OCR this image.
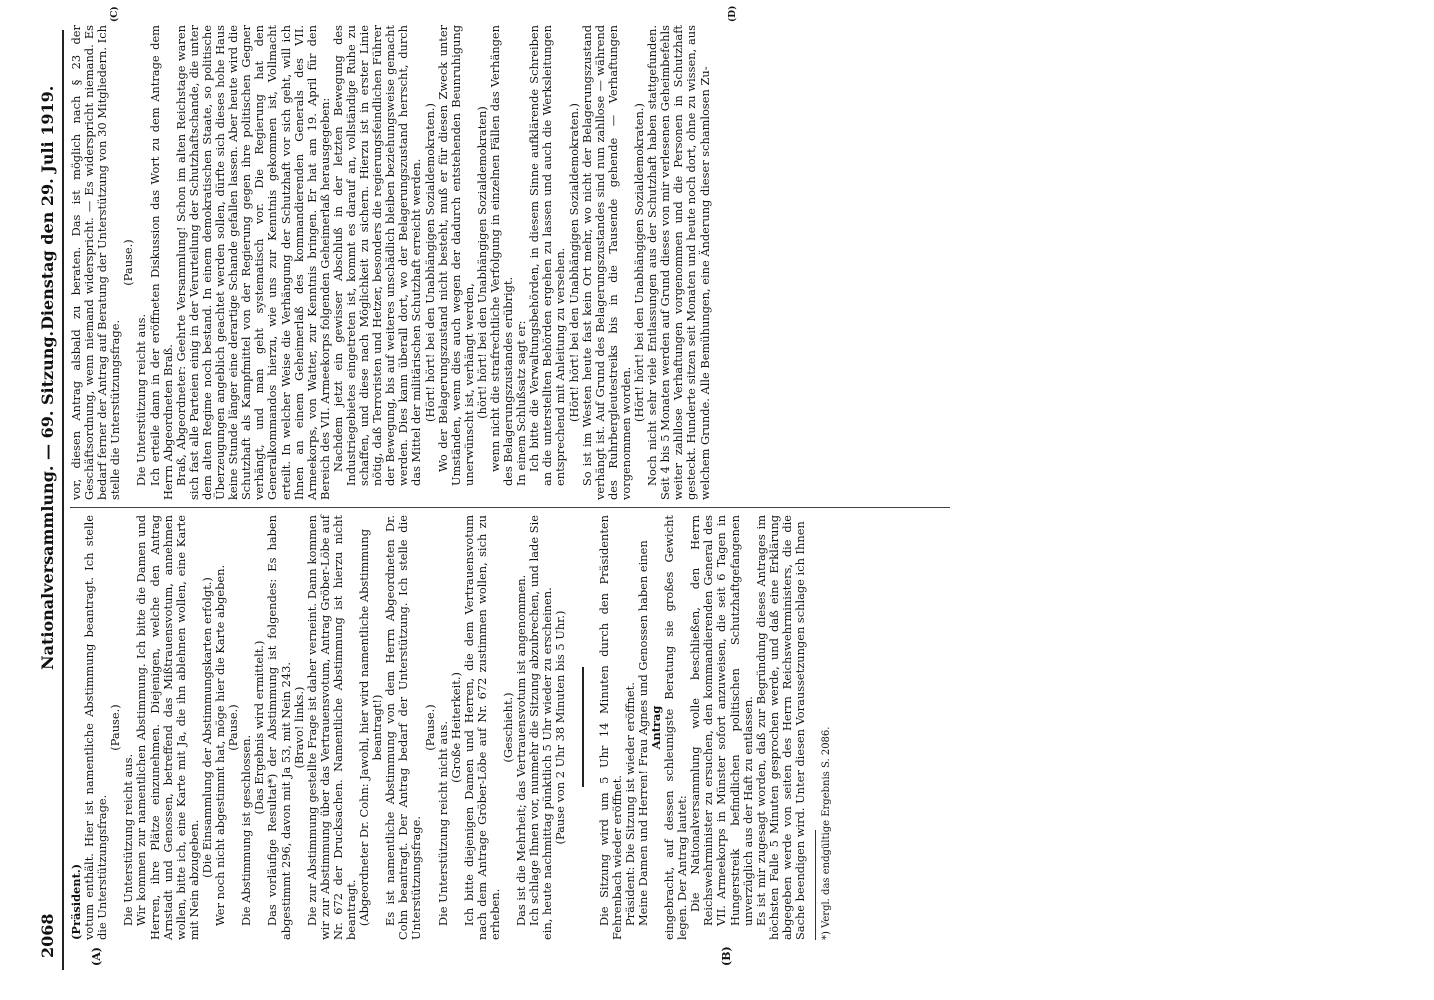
2068
Nationalversammlung. — 69. Sitzung.
Dienstag den 29. Juli 1919.
(A)	(B)
(C)	(D)

(Präsident.) votum enthält. Hier ist namentliche Abstimmung beantragt. Ich stelle die Unterstützungsfrage.

(Pause.)

Die Unterstützung reicht aus. Wir kommen zur namentlichen Abstimmung. Ich bitte die Damen und Herren, ihre Plätze einzunehmen. Diejenigen, welche den Antrag Arnstadt und Genossen, betreffend das Mißtrauensvotum, annehmen wollen, bitte ich, eine Karte mit Ja, die ihn ablehnen wollen, eine Karte mit Nein abzugeben.

(Die Einsammlung der Abstimmungskarten erfolgt.) Wer noch nicht abgestimmt hat, möge hier die Karte abgeben. (Pause.)

Die Abstimmung ist geschlossen.

(Das Ergebnis wird ermittelt.) Das vorläufige Resultat*) der Abstimmung ist folgendes: Es haben abgestimmt 296, davon mit Ja 53, mit Nein 243. (Bravo! links.) Die zur Abstimmung gestellte Frage ist daher verneint. Dann kommen wir zur Abstimmung über das Vertrauensvotum, Antrag Gröber-Löbe auf Nr. 672 der Drucksachen. Namentliche Abstimmung ist hierzu nicht beantragt. (Abgeordneter Dr. Cohn: Jawohl, hier wird namentliche Abstimmung beantragt!) Es ist namentliche Abstimmung von dem Herrn Abgeordneten Dr. Cohn beantragt. Der Antrag bedarf der Unterstützung. Ich stelle die Unterstützungsfrage.

(Pause.) Die Unterstützung reicht nicht aus. (Große Heiterkeit.) Ich bitte diejenigen Damen und Herren, die dem Vertrauensvotum nach dem Antrage Gröber-Löbe auf Nr. 672 zustimmen wollen, sich zu erheben.

(Geschieht.) Das ist die Mehrheit; das Vertrauensvotum ist angenommen. Ich schlage Ihnen vor, nunmehr die Sitzung abzubrechen, und lade Sie ein, heute nachmittag pünktlich 5 Uhr wieder zu erscheinen. (Pause von 2 Uhr 38 Minuten bis 5 Uhr.)	Die Sitzung wird um 5 Uhr 14 Minuten durch den Präsidenten Fehrenbach wieder eröffnet. Präsident: Die Sitzung ist wieder eröffnet. Meine Damen und Herren! Frau Agnes und Genossen haben einen Antrag eingebracht, auf dessen schleunigste Beratung sie großes Gewicht legen. Der Antrag lautet: Die Nationalversammlung wolle beschließen, den Herrn Reichswehrminister zu ersuchen, den kommandierenden General des VII. Armeekorps in Münster sofort anzuweisen, die seit 6 Tagen in Hungerstreik befindlichen politischen Schutzhaftgefangenen unverzüglich aus der Haft zu entlassen. Es ist mir zugesagt worden, daß zur Begründung dieses Antrages im höchsten Falle 5 Minuten gesprochen werde, und daß eine Erklärung abgegeben werde von seiten des Herrn Reichswehrministers, die die Sache beendigen wird. Unter diesen Voraussetzungen schlage ich Ihnen *) Vergl. das endgültige Ergebnis S. 2086.

vor, diesen Antrag alsbald zu beraten. Das ist möglich nach § 23 der Geschäftsordnung, wenn niemand widerspricht. — Es widerspricht niemand. Es bedarf ferner der Antrag auf Beratung der Unterstützung von 30 Mitgliedern. Ich stelle die Unterstützungsfrage.

(Pause.)

Die Unterstützung reicht aus. Ich erteile dann in der eröffneten Diskussion das Wort zu dem Antrage dem Herrn Abgeordneten Braß. Braß, Abgeordneter: Geehrte Versammlung! Schon im alten Reichstage waren sich fast alle Parteien einig in der Verurteilung der Schutzhaftschande, die unter dem alten Regime noch bestand. In einem demokratischen Staate, so politische Überzeugungen angeblich geachtet werden sollen, dürfte sich dieses hohe Haus keine Stunde länger eine derartige Schande gefallen lassen. Aber heute wird die Schutzhaft als Kampfmittel von der Regierung gegen ihre politischen Gegner verhängt, und man geht systematisch vor. Die Regierung hat den Generalkommandos hierzu, wie uns zur Kenntnis gekommen ist, Vollmacht erteilt. In welcher Weise die Verhängung der Schutzhaft vor sich geht, will ich Ihnen an einem Geheimerlaß des kommandierenden Generals des VII. Armeekorps, von Watter, zur Kenntnis bringen. Er hat am 19. April für den Bereich des VII. Armeekorps folgenden Geheimerlaß herausgegeben: Nachdem jetzt ein gewisser Abschluß in der letzten Bewegung des Industriegebietes eingetreten ist, kommt es darauf an, vollständige Ruhe zu schaffen, und diese nach Möglichkeit zu sichern. Hierzu ist in erster Linie nötig, daß Terroristen und Hetzer, besonders die regierungsfeindlichen Führer der Bewegung, bis auf weiteres unschädlich bleiben beziehungsweise gemacht werden. Dies kann überall dort, wo der Belagerungszustand herrscht, durch das Mittel der militärischen Schutzhaft erreicht werden. (Hört! hört! bei den Unabhängigen Sozialdemokraten.) Wo der Belagerungszustand nicht besteht, muß er für diesen Zweck unter Umständen, wenn dies auch wegen der dadurch entstehenden Beunruhigung unerwünscht ist, verhängt werden, (hört! hört! bei den Unabhängigen Sozialdemokraten) wenn nicht die strafrechtliche Verfolgung in einzelnen Fällen das Verhängen des Belagerungszustandes erübrigt. In einem Schlußsatz sagt er: Ich bitte die Verwaltungsbehörden, in diesem Sinne aufklärende Schreiben an die unterstellten Behörden ergehen zu lassen und auch die Werksleitungen entsprechend mit Anleitung zu versehen. (Hört! hört! bei den Unabhängigen Sozialdemokraten.) So ist im Westen heute fast kein Ort mehr, wo nicht der Belagerungszustand verhängt ist. Auf Grund des Belagerungszustandes sind nun zahllose — während des Ruhrbergleutestreiks bis in die Tausende gehende — Verhaftungen vorgenommen worden.

(Hört! hört! bei den Unabhängigen Sozialdemokraten.) Noch nicht sehr viele Entlassungen aus der Schutzhaft haben stattgefunden. Seit 4 bis 5 Monaten werden auf Grund dieses von mir verlesenen Geheimbefehls weiter zahllose Verhaftungen vorgenommen und die Personen in Schutzhaft gesteckt. Hunderte sitzen seit Monaten und heute noch dort, ohne zu wissen, aus welchem Grunde. Alle Bemühungen, eine Änderung dieser schamlosen Zu-
